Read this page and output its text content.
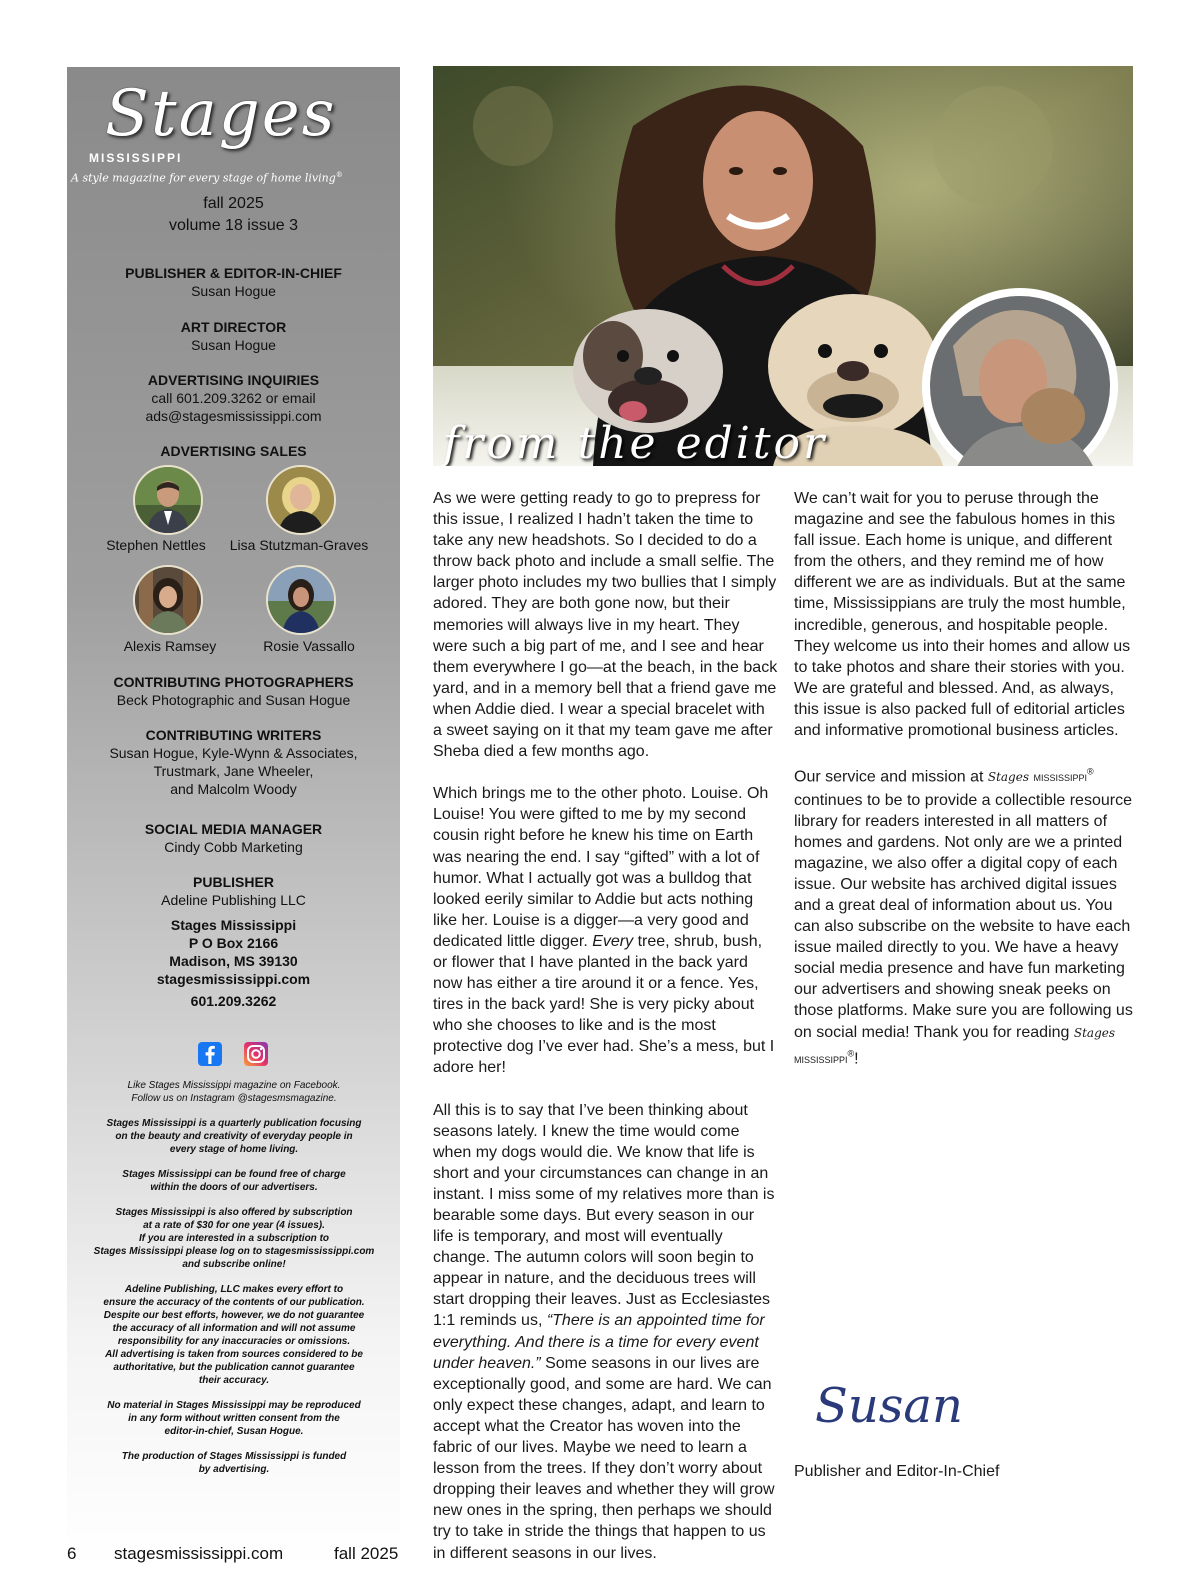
Stages
MISSISSIPPI
A style magazine for every stage of home living®
fall 2025
volume 18 issue 3
PUBLISHER & EDITOR-IN-CHIEF
Susan Hogue
ART DIRECTOR
Susan Hogue
ADVERTISING INQUIRIES
call 601.209.3262 or email
ads@stagesmississippi.com
ADVERTISING SALES
Stephen Nettles	Lisa Stutzman-Graves
Alexis Ramsey	Rosie Vassallo
CONTRIBUTING PHOTOGRAPHERS
Beck Photographic and Susan Hogue
CONTRIBUTING WRITERS
Susan Hogue, Kyle-Wynn & Associates,
Trustmark, Jane Wheeler,
and Malcolm Woody
SOCIAL MEDIA MANAGER
Cindy Cobb Marketing
PUBLISHER
Adeline Publishing LLC
Stages Mississippi
P O Box 2166
Madison, MS 39130
stagesmississippi.com
601.209.3262

Like Stages Mississippi magazine on Facebook.
Follow us on Instagram @stagesmsmagazine.

Stages Mississippi is a quarterly publication focusing
on the beauty and creativity of everyday people in
every stage of home living.

Stages Mississippi can be found free of charge
within the doors of our advertisers.

Stages Mississippi is also offered by subscription
at a rate of $30 for one year (4 issues).
If you are interested in a subscription to
Stages Mississippi please log on to stagesmississippi.com
and subscribe online!

Adeline Publishing, LLC makes every effort to
ensure the accuracy of the contents of our publication.
Despite our best efforts, however, we do not guarantee
the accuracy of all information and will not assume
responsibility for any inaccuracies or omissions.
All advertising is taken from sources considered to be
authoritative, but the publication cannot guarantee
their accuracy.

No material in Stages Mississippi may be reproduced
in any form without written consent from the
editor-in-chief, Susan Hogue.

The production of Stages Mississippi is funded
by advertising.

from the editor

As we were getting ready to go to prepress for this issue, I realized I hadn’t taken the time to take any new headshots. So I decided to do a throw back photo and include a small selfie. The larger photo includes my two bullies that I simply adored. They are both gone now, but their memories will always live in my heart. They were such a big part of me, and I see and hear them everywhere I go—at the beach, in the back yard, and in a memory bell that a friend gave me when Addie died. I wear a special bracelet with a sweet saying on it that my team gave me after Sheba died a few months ago.

Which brings me to the other photo. Louise. Oh Louise! You were gifted to me by my second cousin right before he knew his time on Earth was nearing the end. I say “gifted” with a lot of humor. What I actually got was a bulldog that looked eerily similar to Addie but acts nothing like her. Louise is a digger—a very good and dedicated little digger. Every tree, shrub, bush, or flower that I have planted in the back yard now has either a tire around it or a fence. Yes, tires in the back yard! She is very picky about who she chooses to like and is the most protective dog I’ve ever had. She’s a mess, but I adore her!

All this is to say that I’ve been thinking about seasons lately. I knew the time would come when my dogs would die. We know that life is short and your circumstances can change in an instant. I miss some of my relatives more than is bearable some days. But every season in our life is temporary, and most will eventually change. The autumn colors will soon begin to appear in nature, and the deciduous trees will start dropping their leaves. Just as Ecclesiastes 1:1 reminds us, “There is an appointed time for everything. And there is a time for every event under heaven.” Some seasons in our lives are exceptionally good, and some are hard. We can only expect these changes, adapt, and learn to accept what the Creator has woven into the fabric of our lives. Maybe we need to learn a lesson from the trees. If they don’t worry about dropping their leaves and whether they will grow new ones in the spring, then perhaps we should try to take in stride the things that happen to us in different seasons in our lives.

We can’t wait for you to peruse through the magazine and see the fabulous homes in this fall issue. Each home is unique, and different from the others, and they remind me of how different we are as individuals. But at the same time, Mississippians are truly the most humble, incredible, generous, and hospitable people. They welcome us into their homes and allow us to take photos and share their stories with you. We are grateful and blessed. And, as always, this issue is also packed full of editorial articles and informative promotional business articles.

Our service and mission at Stages MISSISSIPPI® continues to be to provide a collectible resource library for readers interested in all matters of homes and gardens. Not only are we a printed magazine, we also offer a digital copy of each issue. Our website has archived digital issues and a great deal of information about us. You can also subscribe on the website to have each issue mailed directly to you. We have a heavy social media presence and have fun marketing our advertisers and showing sneak peeks on those platforms. Make sure you are following us on social media! Thank you for reading Stages MISSISSIPPI®!

Susan
Publisher and Editor-In-Chief
6 stagesmississippi.com	fall 2025
